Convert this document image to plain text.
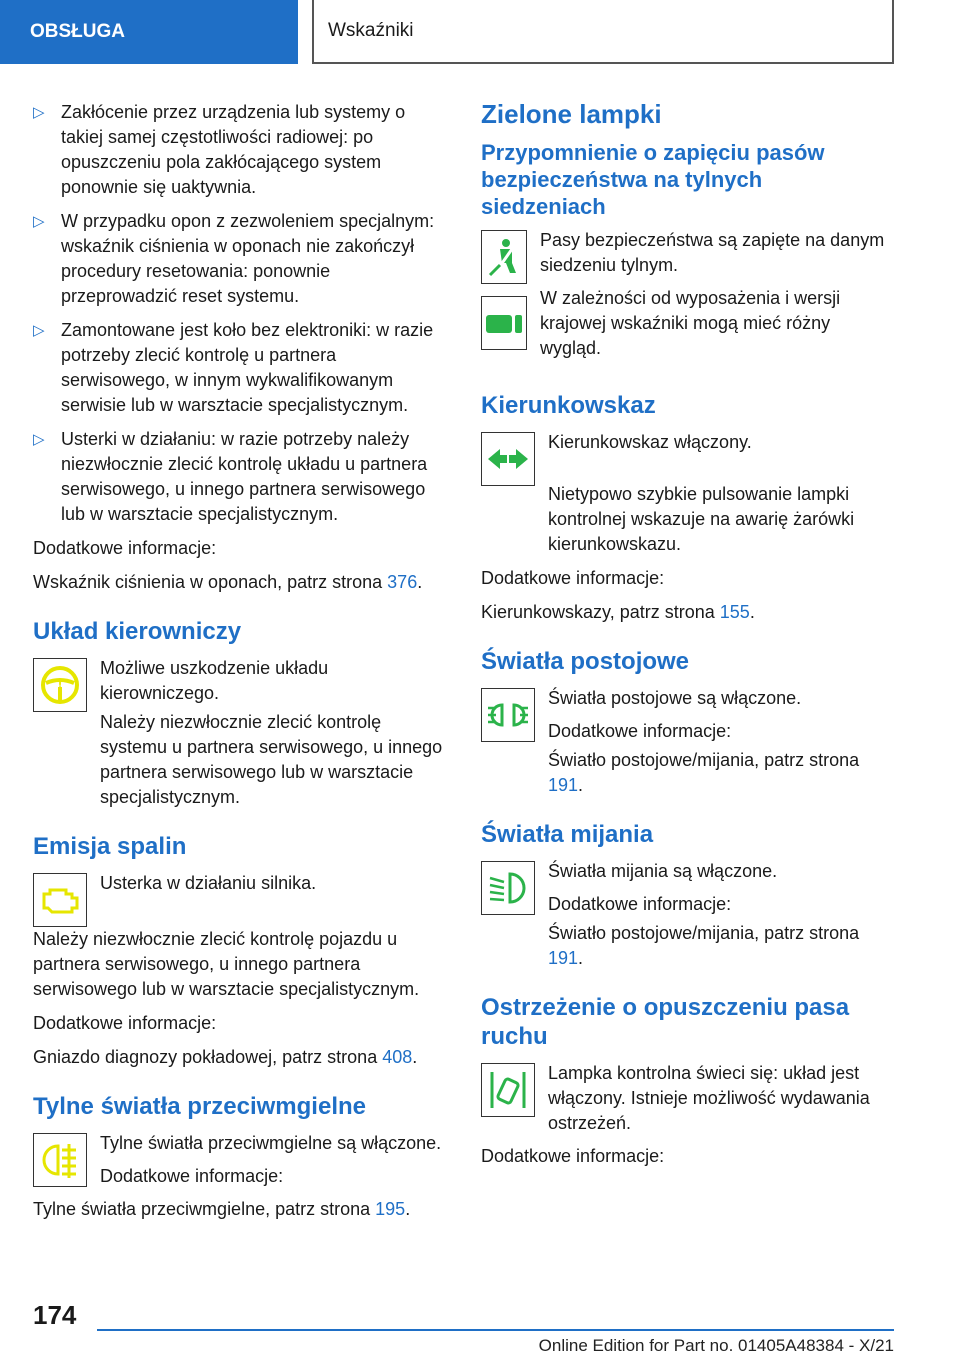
OBSŁUGA	Wskaźniki
▷ Zakłócenie przez urządzenia lub systemy o takiej samej częstotliwości radiowej: po opuszczeniu pola zakłócającego system ponownie się uaktywnia.
▷ W przypadku opon z zezwoleniem specjalnym: wskaźnik ciśnienia w oponach nie zakończył procedury resetowania: ponownie przeprowadzić reset systemu.
▷ Zamontowane jest koło bez elektroniki: w razie potrzeby zlecić kontrolę u partnera serwisowego, w innym wykwalifikowanym serwisie lub w warsztacie specjalistycznym.
▷ Usterki w działaniu: w razie potrzeby należy niezwłocznie zlecić kontrolę układu u partnera serwisowego, u innego partnera serwisowego lub w warsztacie specjalistycznym.

Dodatkowe informacje:

Wskaźnik ciśnienia w oponach, patrz strona 376.

Układ kierowniczy
!

Możliwe uszkodzenie układu kierowniczego.

Należy niezwłocznie zlecić kontrolę systemu u partnera serwisowego, u innego partnera serwisowego lub w warsztacie specjalistycznym.

Emisja spalin

Usterka w działaniu silnika.

Należy niezwłocznie zlecić kontrolę pojazdu u partnera serwisowego, u innego partnera serwisowego lub w warsztacie specjalistycznym.

Dodatkowe informacje:

Gniazdo diagnozy pokładowej, patrz strona 408.

Tylne światła przeciwmgielne

Tylne światła przeciwmgielne są włączone.

Dodatkowe informacje:

Tylne światła przeciwmgielne, patrz strona 195.

Zielone lampki
Przypomnienie o zapięciu pasów bezpieczeństwa na tylnych siedzeniach

Pasy bezpieczeństwa są zapięte na danym siedzeniu tylnym.

W zależności od wyposażenia i wersji krajowej wskaźniki mogą mieć różny wygląd.

Kierunkowskaz

Kierunkowskaz włączony.

Nietypowo szybkie pulsowanie lampki kontrolnej wskazuje na awarię żarówki kierunkowskazu.

Dodatkowe informacje:

Kierunkowskazy, patrz strona 155.

Światła postojowe

Światła postojowe są włączone.

Dodatkowe informacje:

Światło postojowe/mijania, patrz strona 191.

Światła mijania

Światła mijania są włączone.

Dodatkowe informacje:

Światło postojowe/mijania, patrz strona 191.

Ostrzeżenie o opuszczeniu pasa ruchu

Lampka kontrolna świeci się: układ jest włączony. Istnieje możliwość wydawania ostrzeżeń.

Dodatkowe informacje:

174
Online Edition for Part no. 01405A48384 - X/21
